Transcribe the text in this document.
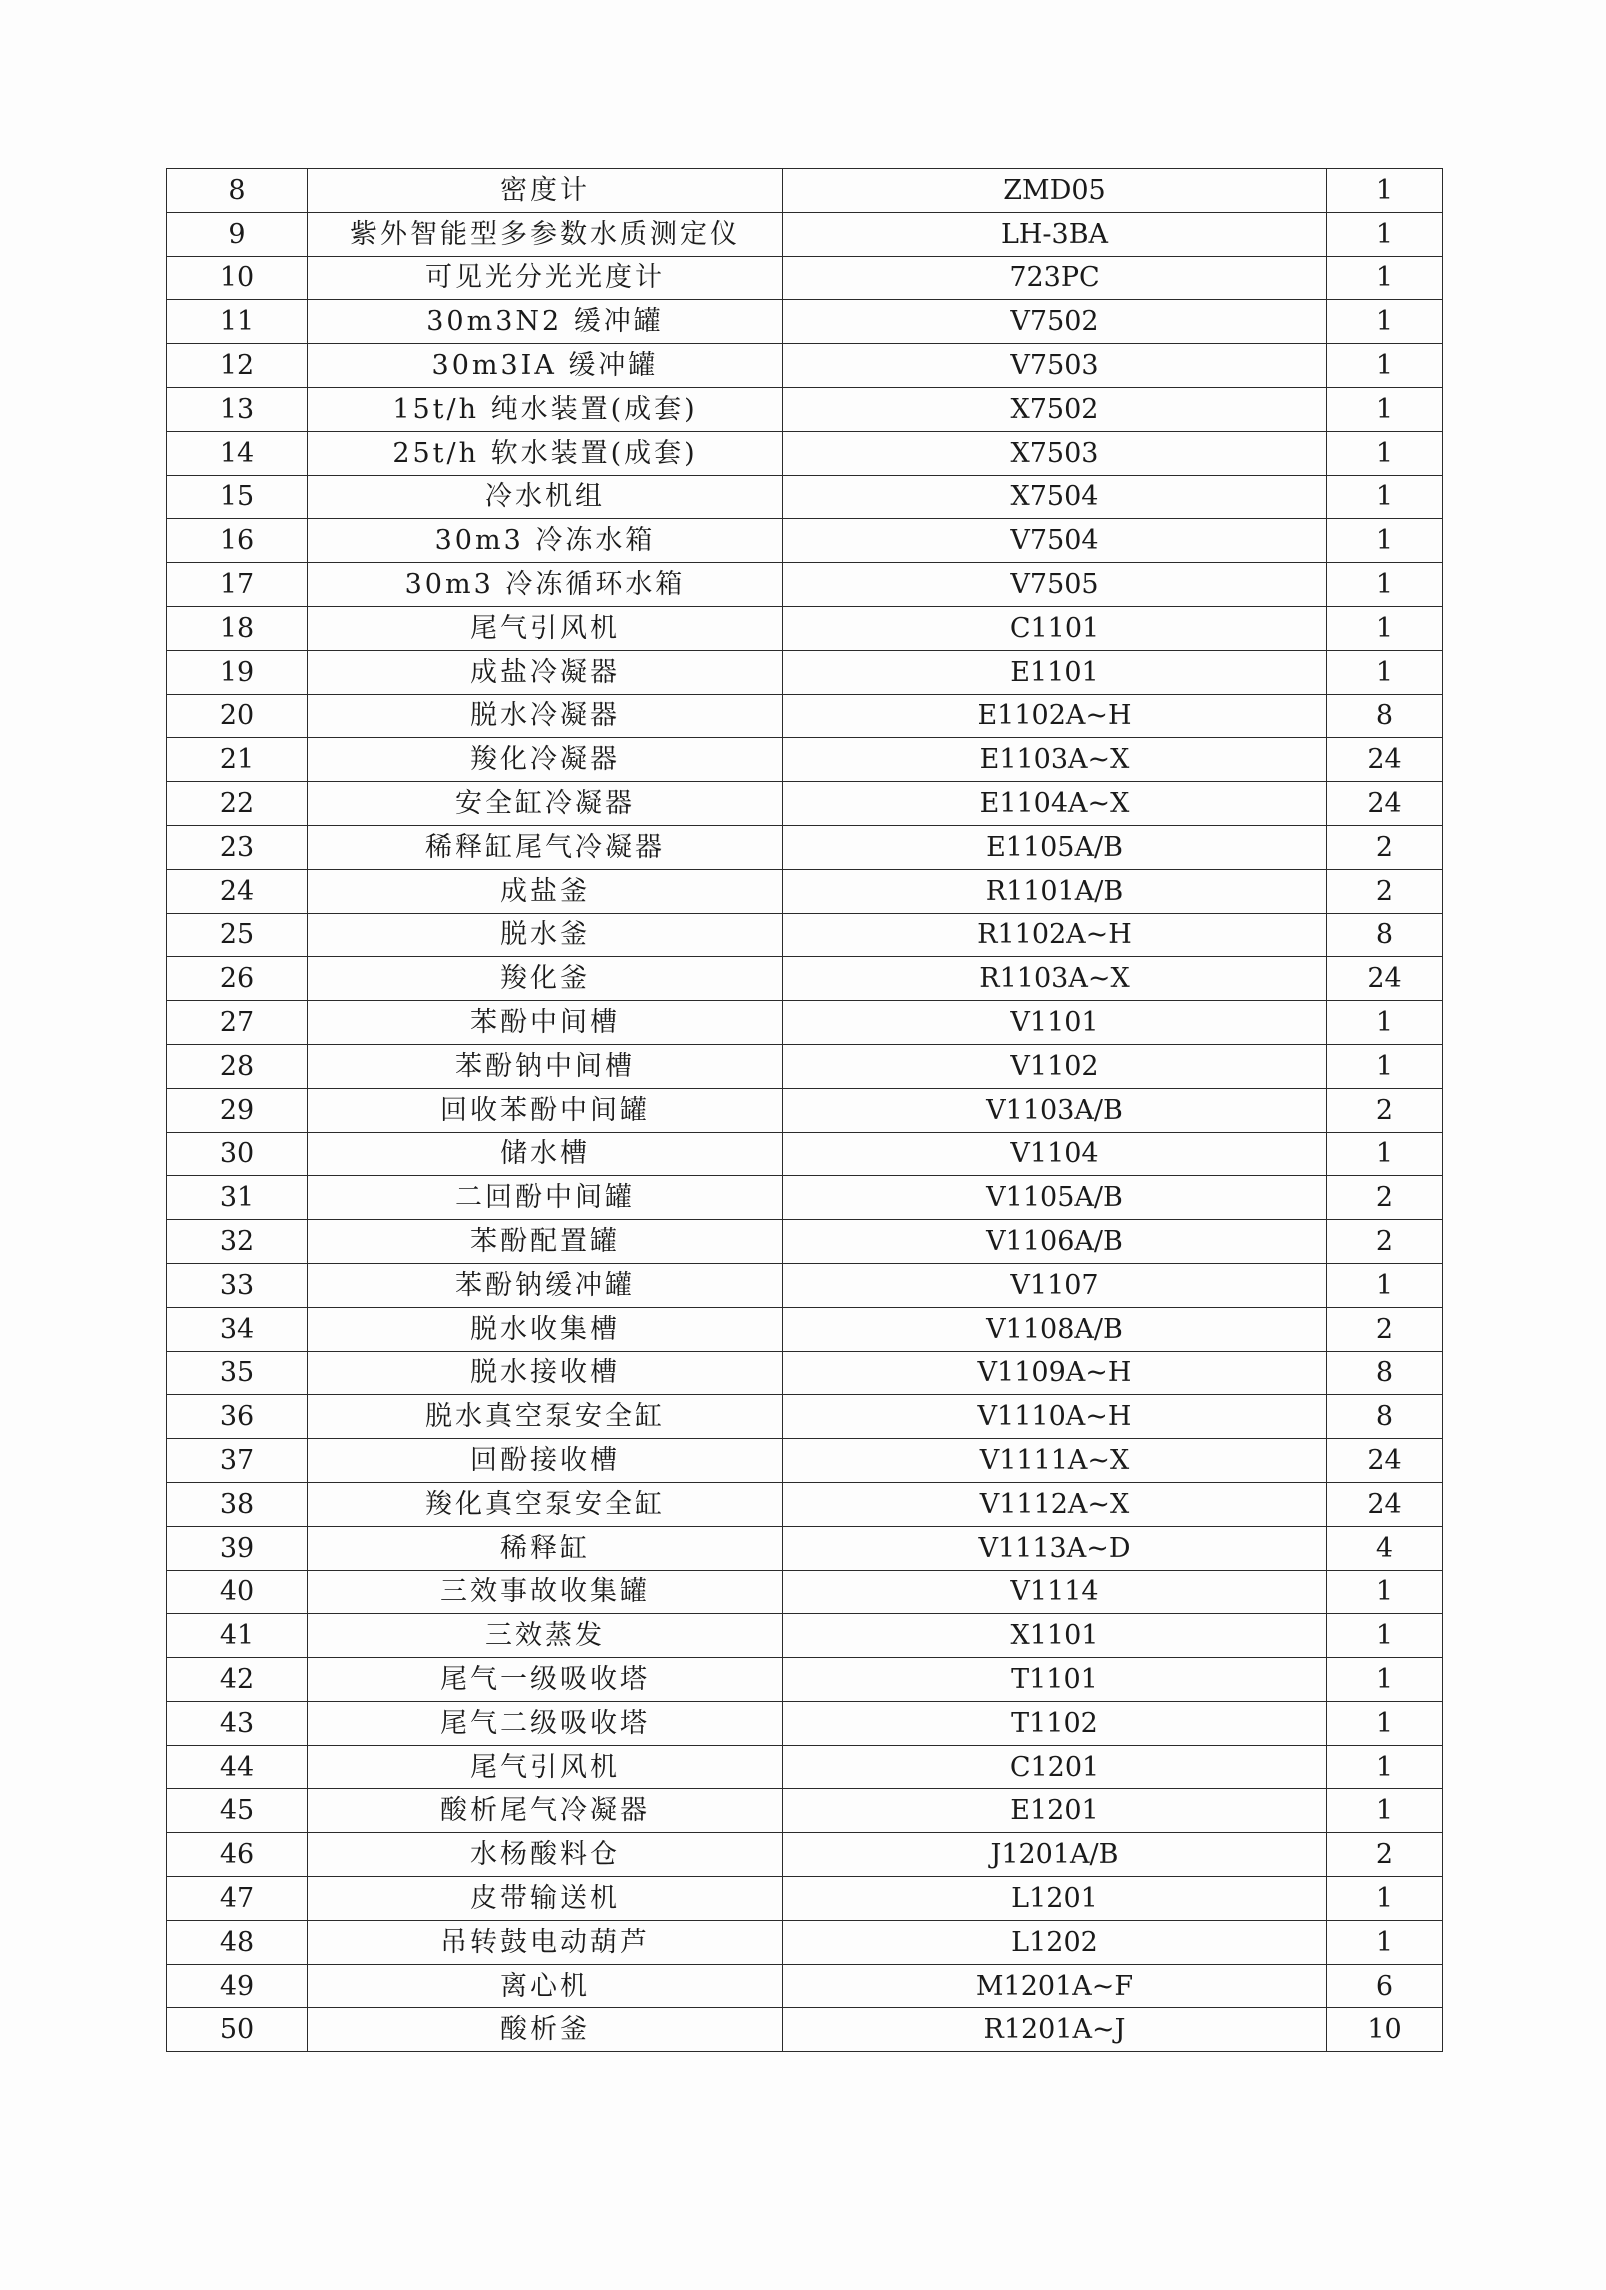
8	密度计	ZMD05	1
9	紫外智能型多参数水质测定仪	LH-3BA	1
10	可见光分光光度计	723PC	1
11	30m3N2 缓冲罐	V7502	1
12	30m3IA 缓冲罐	V7503	1
13	15t/h 纯水装置(成套)	X7502	1
14	25t/h 软水装置(成套)	X7503	1
15	冷水机组	X7504	1
16	30m3 冷冻水箱	V7504	1
17	30m3 冷冻循环水箱	V7505	1
18	尾气引风机	C1101	1
19	成盐冷凝器	E1101	1
20	脱水冷凝器	E1102A~H	8
21	羧化冷凝器	E1103A~X	24
22	安全缸冷凝器	E1104A~X	24
23	稀释缸尾气冷凝器	E1105A/B	2
24	成盐釜	R1101A/B	2
25	脱水釜	R1102A~H	8
26	羧化釜	R1103A~X	24
27	苯酚中间槽	V1101	1
28	苯酚钠中间槽	V1102	1
29	回收苯酚中间罐	V1103A/B	2
30	储水槽	V1104	1
31	二回酚中间罐	V1105A/B	2
32	苯酚配置罐	V1106A/B	2
33	苯酚钠缓冲罐	V1107	1
34	脱水收集槽	V1108A/B	2
35	脱水接收槽	V1109A~H	8
36	脱水真空泵安全缸	V1110A~H	8
37	回酚接收槽	V1111A~X	24
38	羧化真空泵安全缸	V1112A~X	24
39	稀释缸	V1113A~D	4
40	三效事故收集罐	V1114	1
41	三效蒸发	X1101	1
42	尾气一级吸收塔	T1101	1
43	尾气二级吸收塔	T1102	1
44	尾气引风机	C1201	1
45	酸析尾气冷凝器	E1201	1
46	水杨酸料仓	J1201A/B	2
47	皮带输送机	L1201	1
48	吊转鼓电动葫芦	L1202	1
49	离心机	M1201A~F	6
50	酸析釜	R1201A~J	10
